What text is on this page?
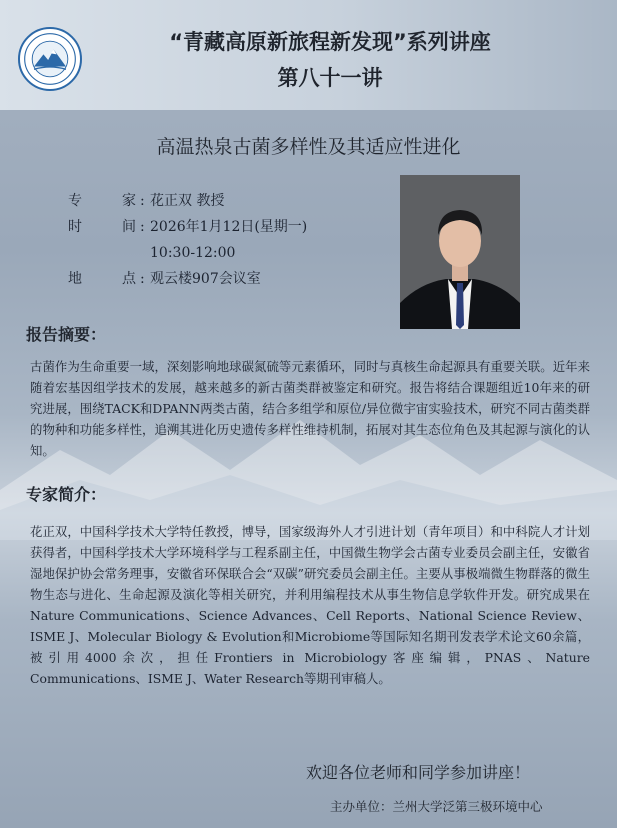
“青藏高原新旅程新发现”系列讲座
第八十一讲
高温热泉古菌多样性及其适应性进化
专	家 : 花正双 教授
时	间 : 2026年1月12日(星期一)
10:30-12:00
地	点 : 观云楼907会议室
报告摘要：
古菌作为生命重要一域，深刻影响地球碳氮硫等元素循环，同时与真核生命起源具有重要关联。近年来随着宏基因组学技术的发展，越来越多的新古菌类群被鉴定和研究。报告将结合课题组近10年来的研究进展，围绕TACK和DPANN两类古菌，结合多组学和原位/异位微宇宙实验技术，研究不同古菌类群的物种和功能多样性，追溯其进化历史遗传多样性维持机制，拓展对其生态位角色及其起源与演化的认知。
专家简介：
花正双，中国科学技术大学特任教授，博导，国家级海外人才引进计划（青年项目）和中科院人才计划获得者，中国科学技术大学环境科学与工程系副主任，中国微生物学会古菌专业委员会副主任，安徽省湿地保护协会常务理事，安徽省环保联合会“双碳”研究委员会副主任。主要从事极端微生物群落的微生物生态与进化、生命起源及演化等相关研究，并利用编程技术从事生物信息学软件开发。研究成果在Nature Communications、Science Advances、Cell Reports、National Science Review、ISME J、Molecular Biology & Evolution和Microbiome等国际知名期刊发表学术论文60余篇，被引用4000余次，担任Frontiers in Microbiology客座编辑，PNAS、Nature Communications、ISME J、Water Research等期刊审稿人。
欢迎各位老师和同学参加讲座！
主办单位：兰州大学泛第三极环境中心
